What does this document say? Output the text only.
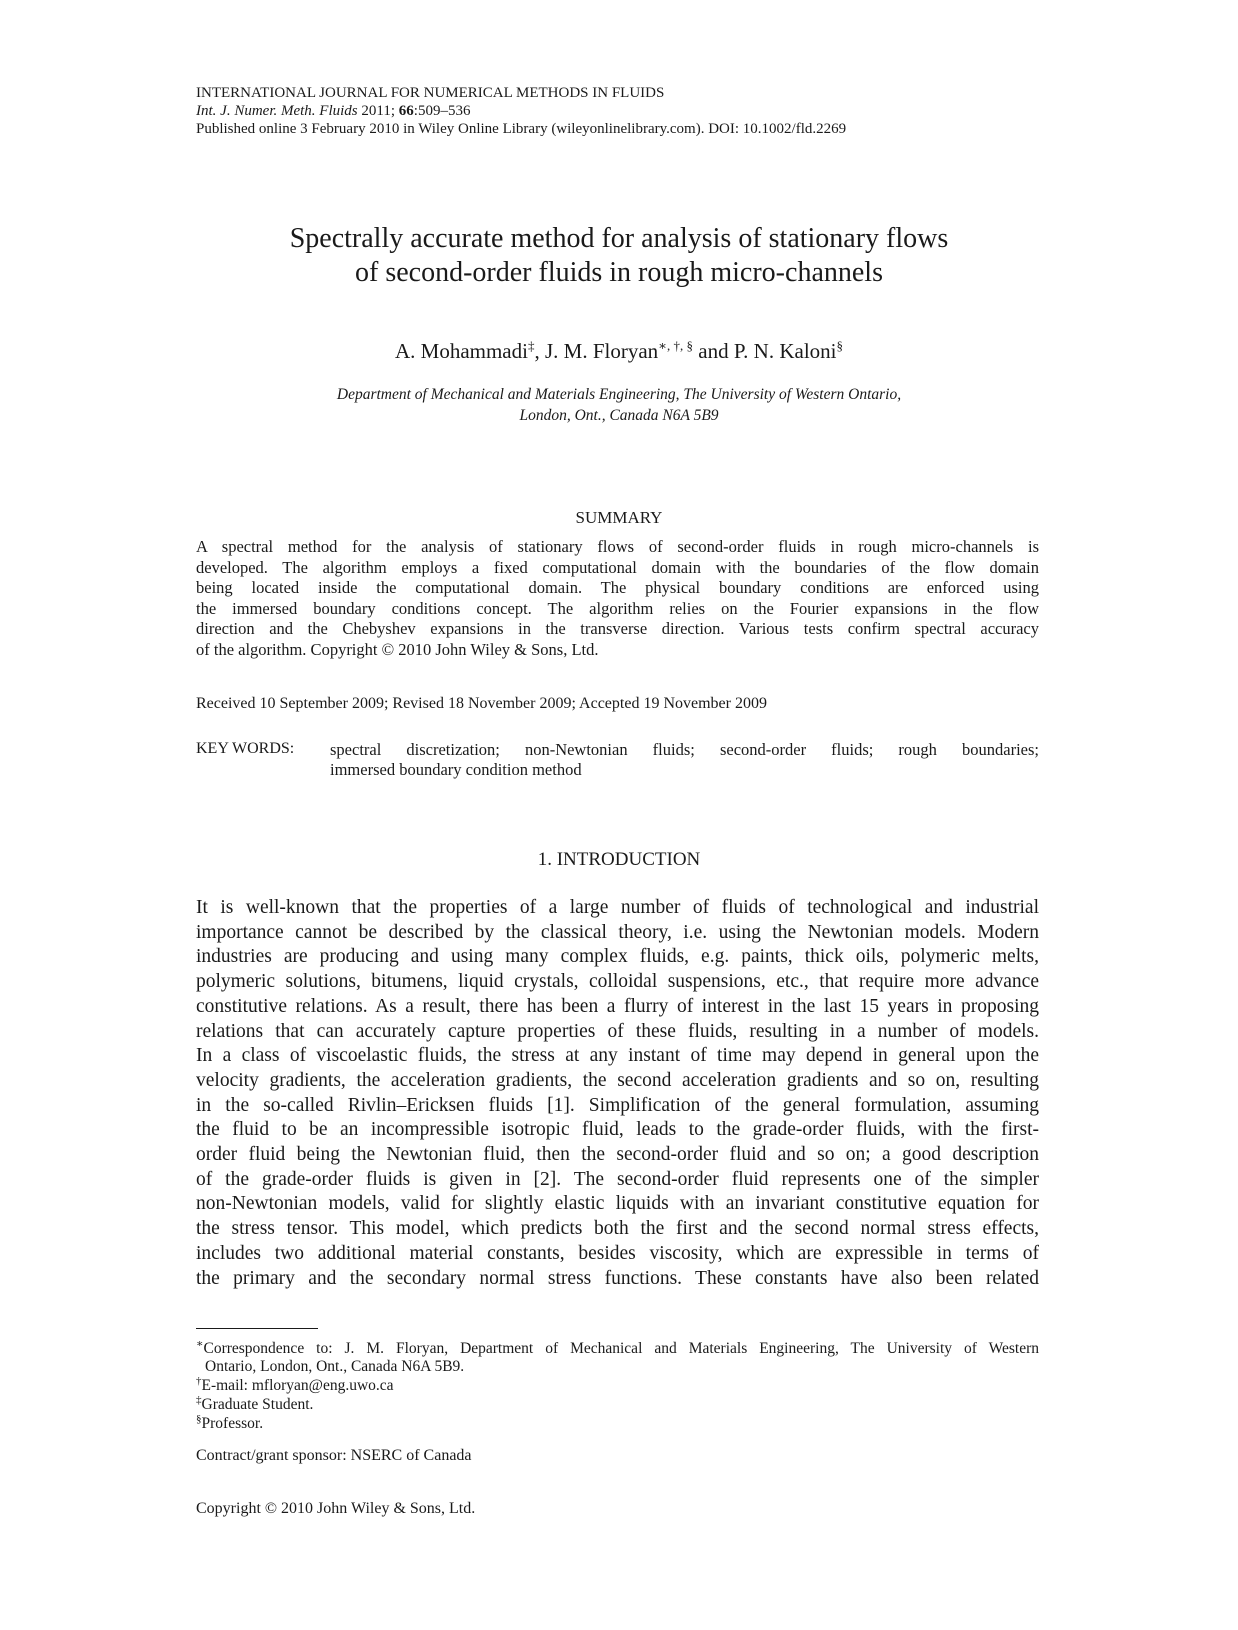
INTERNATIONAL JOURNAL FOR NUMERICAL METHODS IN FLUIDS
Int. J. Numer. Meth. Fluids 2011; 66:509–536
Published online 3 February 2010 in Wiley Online Library (wileyonlinelibrary.com). DOI: 10.1002/fld.2269
Spectrally accurate method for analysis of stationary flows
of second-order fluids in rough micro-channels
A. Mohammadi‡, J. M. Floryan∗, †, § and P. N. Kaloni§
Department of Mechanical and Materials Engineering, The University of Western Ontario,
London, Ont., Canada N6A 5B9
SUMMARY
A spectral method for the analysis of stationary flows of second-order fluids in rough micro-channels is
developed. The algorithm employs a fixed computational domain with the boundaries of the flow domain
being located inside the computational domain. The physical boundary conditions are enforced using
the immersed boundary conditions concept. The algorithm relies on the Fourier expansions in the flow
direction and the Chebyshev expansions in the transverse direction. Various tests confirm spectral accuracy
of the algorithm. Copyright © 2010 John Wiley & Sons, Ltd.
Received 10 September 2009; Revised 18 November 2009; Accepted 19 November 2009
KEY WORDS: spectral discretization; non-Newtonian fluids; second-order fluids; rough boundaries;
immersed boundary condition method
1. INTRODUCTION
It is well-known that the properties of a large number of fluids of technological and industrial
importance cannot be described by the classical theory, i.e. using the Newtonian models. Modern
industries are producing and using many complex fluids, e.g. paints, thick oils, polymeric melts,
polymeric solutions, bitumens, liquid crystals, colloidal suspensions, etc., that require more advance
constitutive relations. As a result, there has been a flurry of interest in the last 15 years in proposing
relations that can accurately capture properties of these fluids, resulting in a number of models.
In a class of viscoelastic fluids, the stress at any instant of time may depend in general upon the
velocity gradients, the acceleration gradients, the second acceleration gradients and so on, resulting
in the so-called Rivlin–Ericksen fluids [1]. Simplification of the general formulation, assuming
the fluid to be an incompressible isotropic fluid, leads to the grade-order fluids, with the first-
order fluid being the Newtonian fluid, then the second-order fluid and so on; a good description
of the grade-order fluids is given in [2]. The second-order fluid represents one of the simpler
non-Newtonian models, valid for slightly elastic liquids with an invariant constitutive equation for
the stress tensor. This model, which predicts both the first and the second normal stress effects,
includes two additional material constants, besides viscosity, which are expressible in terms of
the primary and the secondary normal stress functions. These constants have also been related
∗Correspondence to: J. M. Floryan, Department of Mechanical and Materials Engineering, The University of Western
Ontario, London, Ont., Canada N6A 5B9.
†E-mail: mfloryan@eng.uwo.ca
‡Graduate Student.
§Professor.
Contract/grant sponsor: NSERC of Canada
Copyright © 2010 John Wiley & Sons, Ltd.
